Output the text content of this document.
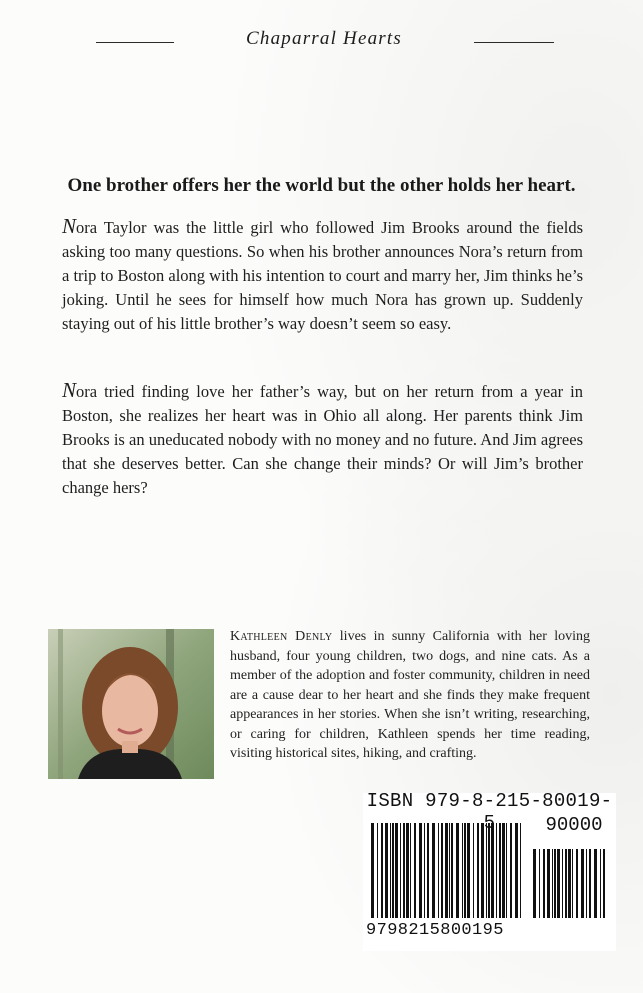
Chaparral Hearts
One brother offers her the world but the other holds her heart.
Nora Taylor was the little girl who followed Jim Brooks around the fields asking too many questions. So when his brother announces Nora’s return from a trip to Boston along with his intention to court and marry her, Jim thinks he’s joking. Until he sees for himself how much Nora has grown up. Suddenly staying out of his little brother’s way doesn’t seem so easy.
Nora tried finding love her father’s way, but on her return from a year in Boston, she realizes her heart was in Ohio all along. Her parents think Jim Brooks is an uneducated nobody with no money and no future. And Jim agrees that she deserves better. Can she change their minds? Or will Jim’s brother change hers?
Kathleen Denly lives in sunny California with her loving husband, four young children, two dogs, and nine cats. As a member of the adoption and foster community, children in need are a cause dear to her heart and she finds they make frequent appearances in her stories. When she isn’t writing, researching, or caring for children, Kathleen spends her time reading, visiting historical sites, hiking, and crafting.
ISBN 979-8-215-80019-5	90000
9798215800195
